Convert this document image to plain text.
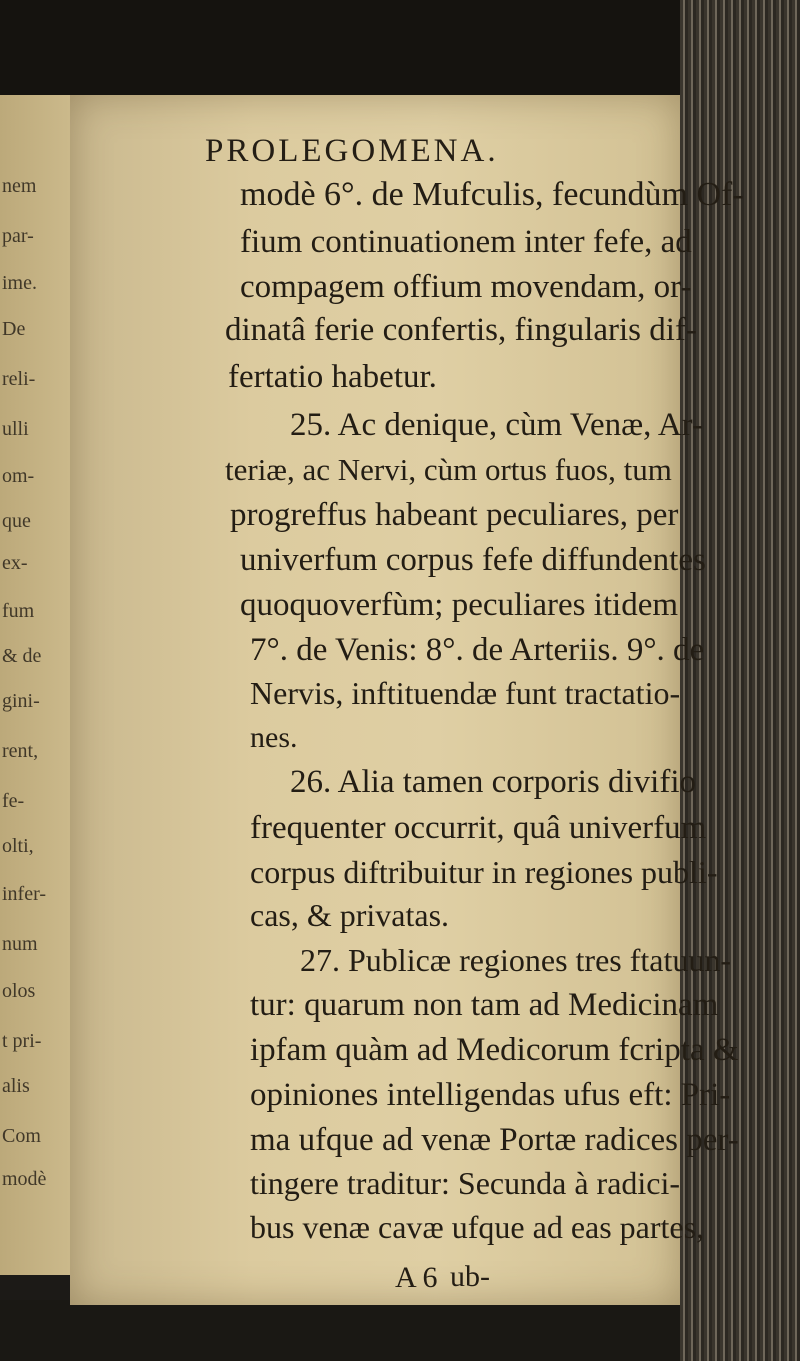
nem
par-
ime.
De
reli-
ulli
om-
que
ex-
fum
& de
gini-
rent,
fe-
olti,
infer-
num
olos
t pri-
alis
Com
modè
PROLEGOMENA.
modè 6°. de Mufculis, fecundùm Of-
fium continuationem inter fefe, ad
compagem offium movendam, or-
dinatâ ferie confertis, fingularis dif-
fertatio habetur.
25. Ac denique, cùm Venæ, Ar-
teriæ, ac Nervi, cùm ortus fuos, tum
progreffus habeant peculiares, per
univerfum corpus fefe diffundentes
quoquoverfùm; peculiares itidem
7°. de Venis: 8°. de Arteriis. 9°. de
Nervis, inftituendæ funt tractatio-
nes.
26. Alia tamen corporis divifio
frequenter occurrit, quâ univerfum
corpus diftribuitur in regiones publi-
cas, & privatas.
27. Publicæ regiones tres ftatuun-
tur: quarum non tam ad Medicinam
ipfam quàm ad Medicorum fcripta &
opiniones intelligendas ufus eft: Pri-
ma ufque ad venæ Portæ radices per-
tingere traditur: Secunda à radici-
bus venæ cavæ ufque ad eas partes,
A 6 ub-
